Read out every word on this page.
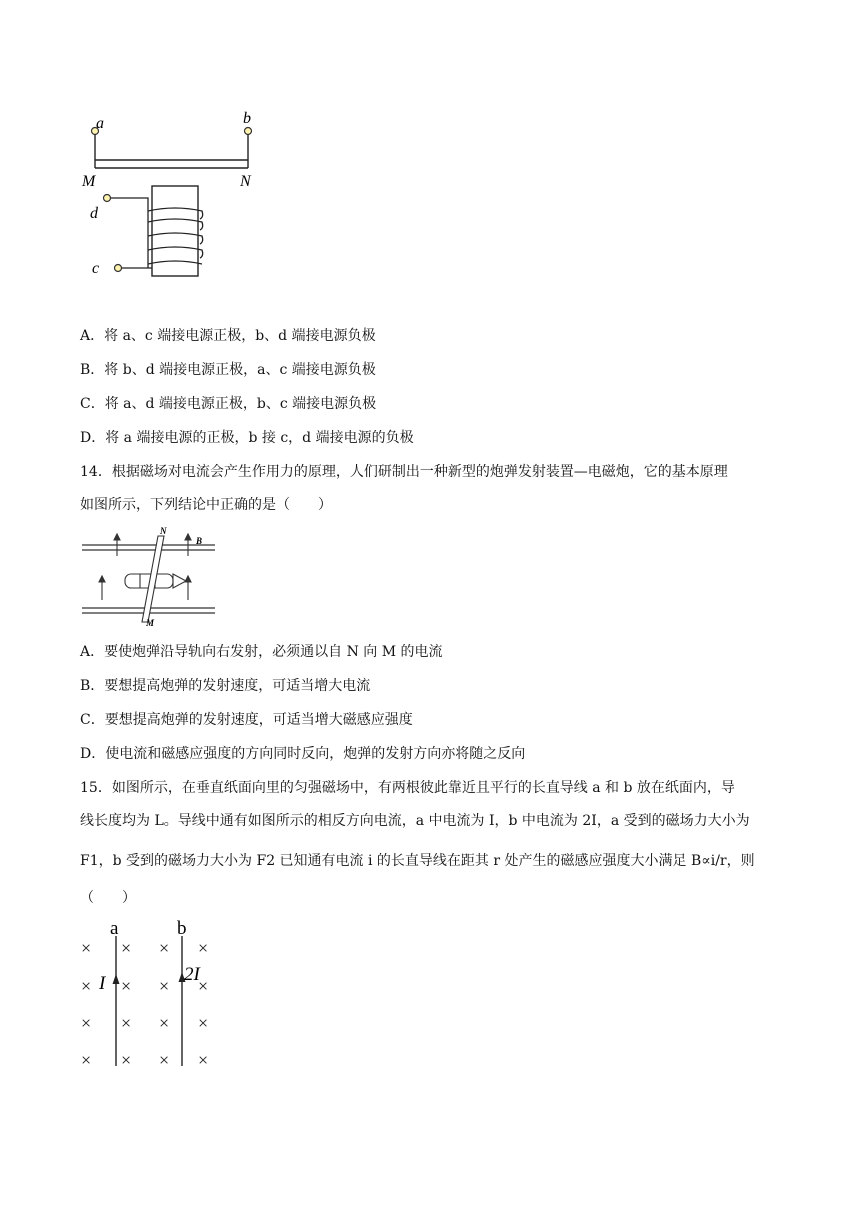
a	b
M	N
d
c
A．将 a、c 端接电源正极，b、d 端接电源负极
B．将 b、d 端接电源正极，a、c 端接电源负极
C．将 a、d 端接电源正极，b、c 端接电源负极
D．将 a 端接电源的正极，b 接 c，d 端接电源的负极
14．根据磁场对电流会产生作用力的原理，人们研制出一种新型的炮弹发射装置—电磁炮，它的基本原理
如图所示，下列结论中正确的是（　　）
N
B
M
A．要使炮弹沿导轨向右发射，必须通以自 N 向 M 的电流
B．要想提高炮弹的发射速度，可适当增大电流
C．要想提高炮弹的发射速度，可适当增大磁感应强度
D．使电流和磁感应强度的方向同时反向，炮弹的发射方向亦将随之反向
15．如图所示，在垂直纸面向里的匀强磁场中，有两根彼此靠近且平行的长直导线 a 和 b 放在纸面内，导
线长度均为 L。导线中通有如图所示的相反方向电流，a 中电流为 I，b 中电流为 2I，a 受到的磁场力大小为
F1，b 受到的磁场力大小为 F2 已知通有电流 i 的长直导线在距其 r 处产生的磁感应强度大小满足 B∝i/r，则
（　　）
a	b
I	2I
× × × ×
× × × ×
× × × ×
× × × ×
